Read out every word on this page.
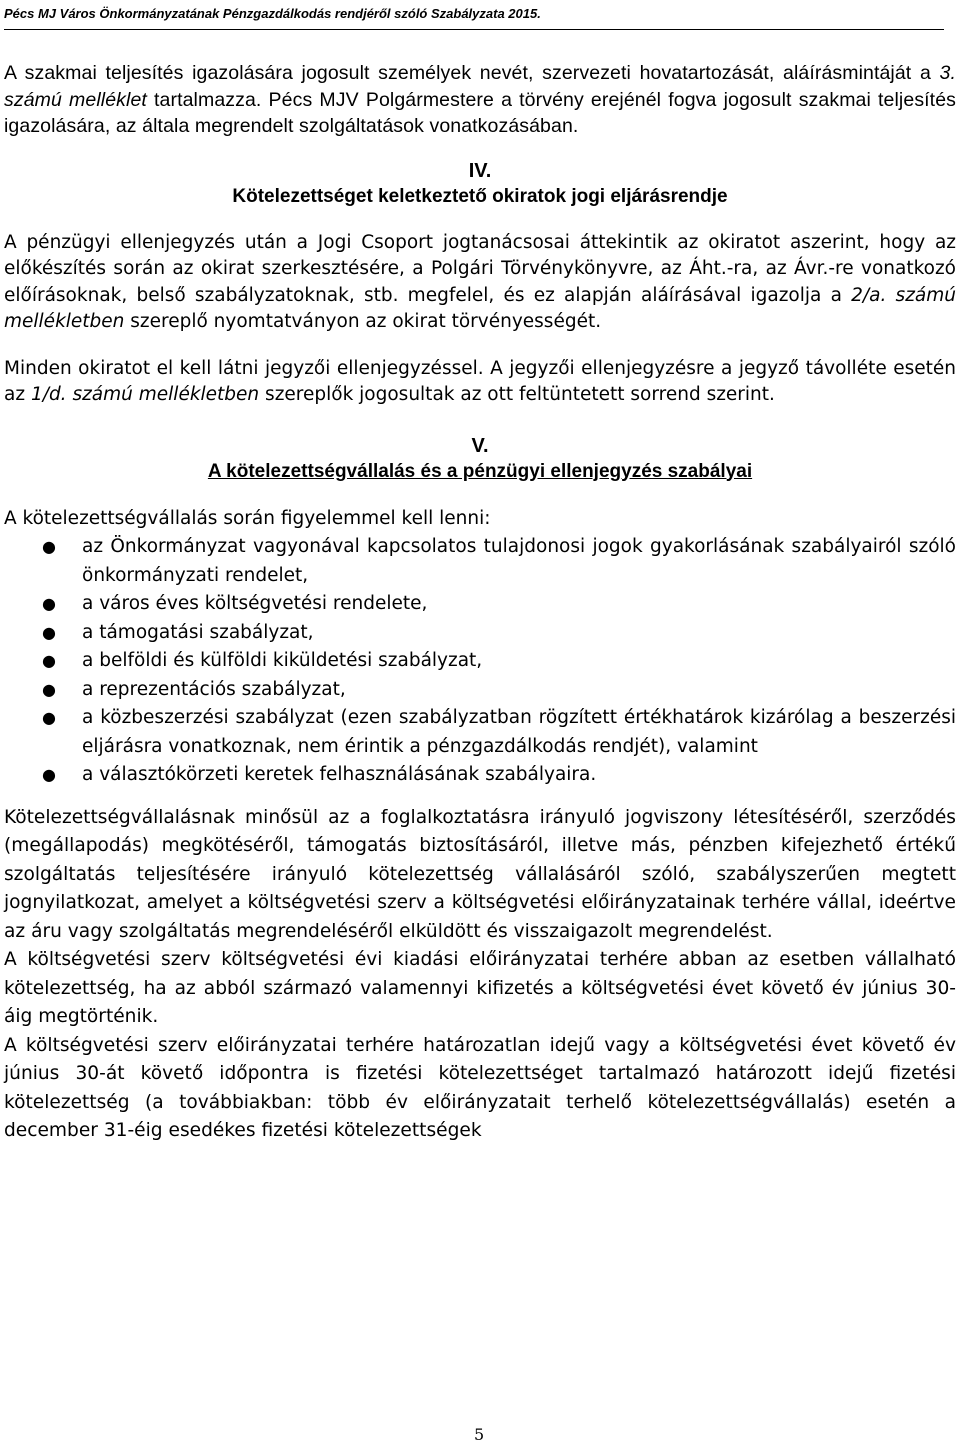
Pécs MJ Város Önkormányzatának Pénzgazdálkodás rendjéről szóló Szabályzata 2015.

A szakmai teljesítés igazolására jogosult személyek nevét, szervezeti hovatartozását, aláírásmintáját a 3. számú melléklet tartalmazza. Pécs MJV Polgármestere a törvény erejénél fogva jogosult szakmai teljesítés igazolására, az általa megrendelt szolgáltatások vonatkozásában.

IV.
Kötelezettséget keletkeztető okiratok jogi eljárásrendje

A pénzügyi ellenjegyzés után a Jogi Csoport jogtanácsosai áttekintik az okiratot aszerint, hogy az előkészítés során az okirat szerkesztésére, a Polgári Törvénykönyvre, az Áht.-ra, az Ávr.-re vonatkozó előírásoknak, belső szabályzatoknak, stb. megfelel, és ez alapján aláírásával igazolja a 2/a. számú mellékletben szereplő nyomtatványon az okirat törvényességét.

Minden okiratot el kell látni jegyzői ellenjegyzéssel. A jegyzői ellenjegyzésre a jegyző távolléte esetén az 1/d. számú mellékletben szereplők jogosultak az ott feltüntetett sorrend szerint.

V.
A kötelezettségvállalás és a pénzügyi ellenjegyzés szabályai

A kötelezettségvállalás során figyelemmel kell lenni:

● az Önkormányzat vagyonával kapcsolatos tulajdonosi jogok gyakorlásának szabályairól szóló önkormányzati rendelet,
● a város éves költségvetési rendelete,
● a támogatási szabályzat,
● a belföldi és külföldi kiküldetési szabályzat,
● a reprezentációs szabályzat,
● a közbeszerzési szabályzat (ezen szabályzatban rögzített értékhatárok kizárólag a beszerzési eljárásra vonatkoznak, nem érintik a pénzgazdálkodás rendjét), valamint
● a választókörzeti keretek felhasználásának szabályaira.

Kötelezettségvállalásnak minősül az a foglalkoztatásra irányuló jogviszony létesítéséről, szerződés (megállapodás) megkötéséről, támogatás biztosításáról, illetve más, pénzben kifejezhető értékű szolgáltatás teljesítésére irányuló kötelezettség vállalásáról szóló, szabályszerűen megtett jognyilatkozat, amelyet a költségvetési szerv a költségvetési előirányzatainak terhére vállal, ideértve az áru vagy szolgáltatás megrendeléséről elküldött és visszaigazolt megrendelést.

A költségvetési szerv költségvetési évi kiadási előirányzatai terhére abban az esetben vállalható kötelezettség, ha az abból származó valamennyi kifizetés a költségvetési évet követő év június 30-áig megtörténik.

A költségvetési szerv előirányzatai terhére határozatlan idejű vagy a költségvetési évet követő év június 30-át követő időpontra is fizetési kötelezettséget tartalmazó határozott idejű fizetési kötelezettség (a továbbiakban: több év előirányzatait terhelő kötelezettségvállalás) esetén a december 31-éig esedékes fizetési kötelezettségek

5
